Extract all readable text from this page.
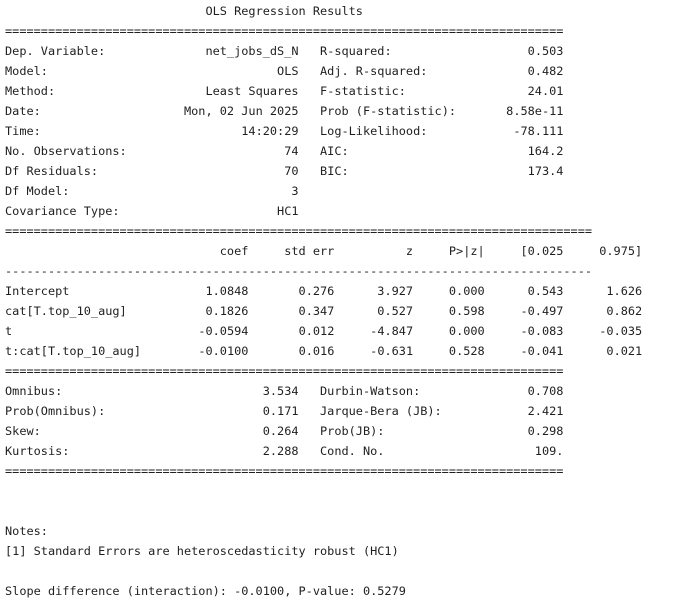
OLS Regression Results
==============================================================================
Dep. Variable:	net_jobs_dS_N R-squared:	0.503
Model:	OLS Adj. R-squared:	0.482
Method:	Least Squares F-statistic:	24.01
Date:	Mon, 02 Jun 2025 Prob (F-statistic):	8.58e-11
Time:	14:20:29 Log-Likelihood:	-78.111
No. Observations:	74 AIC:	164.2
Df Residuals:	70 BIC:	173.4
Df Model:	3
Covariance Type:	HC1
==================================================================================
coef	std err	z	P>|z|	[0.025	0.975]
----------------------------------------------------------------------------------
Intercept	1.0848	0.276	3.927	0.000	0.543	1.626
cat[T.top_10_aug]	0.1826	0.347	0.527	0.598	-0.497	0.862
t	-0.0594	0.012	-4.847	0.000	-0.083	-0.035
t:cat[T.top_10_aug]	-0.0100	0.016	-0.631	0.528	-0.041	0.021
==============================================================================
Omnibus:	3.534 Durbin-Watson:	0.708
Prob(Omnibus):	0.171 Jarque-Bera (JB):	2.421
Skew:	0.264 Prob(JB):	0.298
Kurtosis:	2.288 Cond. No.	109.
==============================================================================
Notes:
[1] Standard Errors are heteroscedasticity robust (HC1)
Slope difference (interaction): -0.0100, P-value: 0.5279
